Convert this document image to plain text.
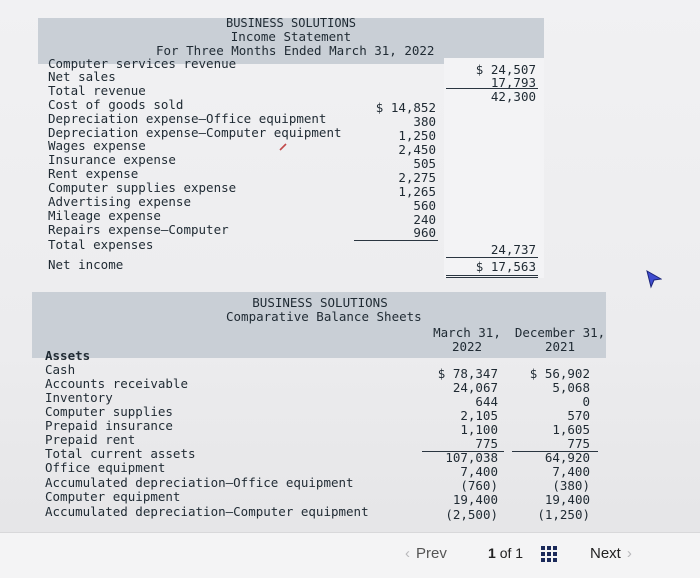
BUSINESS SOLUTIONS
Income Statement
For Three Months Ended March 31, 2022
Computer services revenue	$ 24,507
Net sales	17,793
Total revenue	42,300
Cost of goods sold	$ 14,852
Depreciation expense–Office equipment	380
Depreciation expense–Computer equipment	1,250
Wages expense	2,450
Insurance expense	505
Rent expense	2,275
Computer supplies expense	1,265
Advertising expense	560
Mileage expense	240
Repairs expense–Computer	960
Total expenses	24,737
Net income	$ 17,563
BUSINESS SOLUTIONS
Comparative Balance Sheets
March 31,
2022
December 31,
2021
Assets
Cash	$ 78,347	$ 56,902
Accounts receivable	24,067	5,068
Inventory	644	0
Computer supplies	2,105	570
Prepaid insurance	1,100	1,605
Prepaid rent	775	775
Total current assets	107,038	64,920
Office equipment	7,400	7,400
Accumulated depreciation–Office equipment	(760)	(380)
Computer equipment	19,400	19,400
Accumulated depreciation–Computer equipment	(2,500)	(1,250)
‹ Prev	1 of 1	Next ›
